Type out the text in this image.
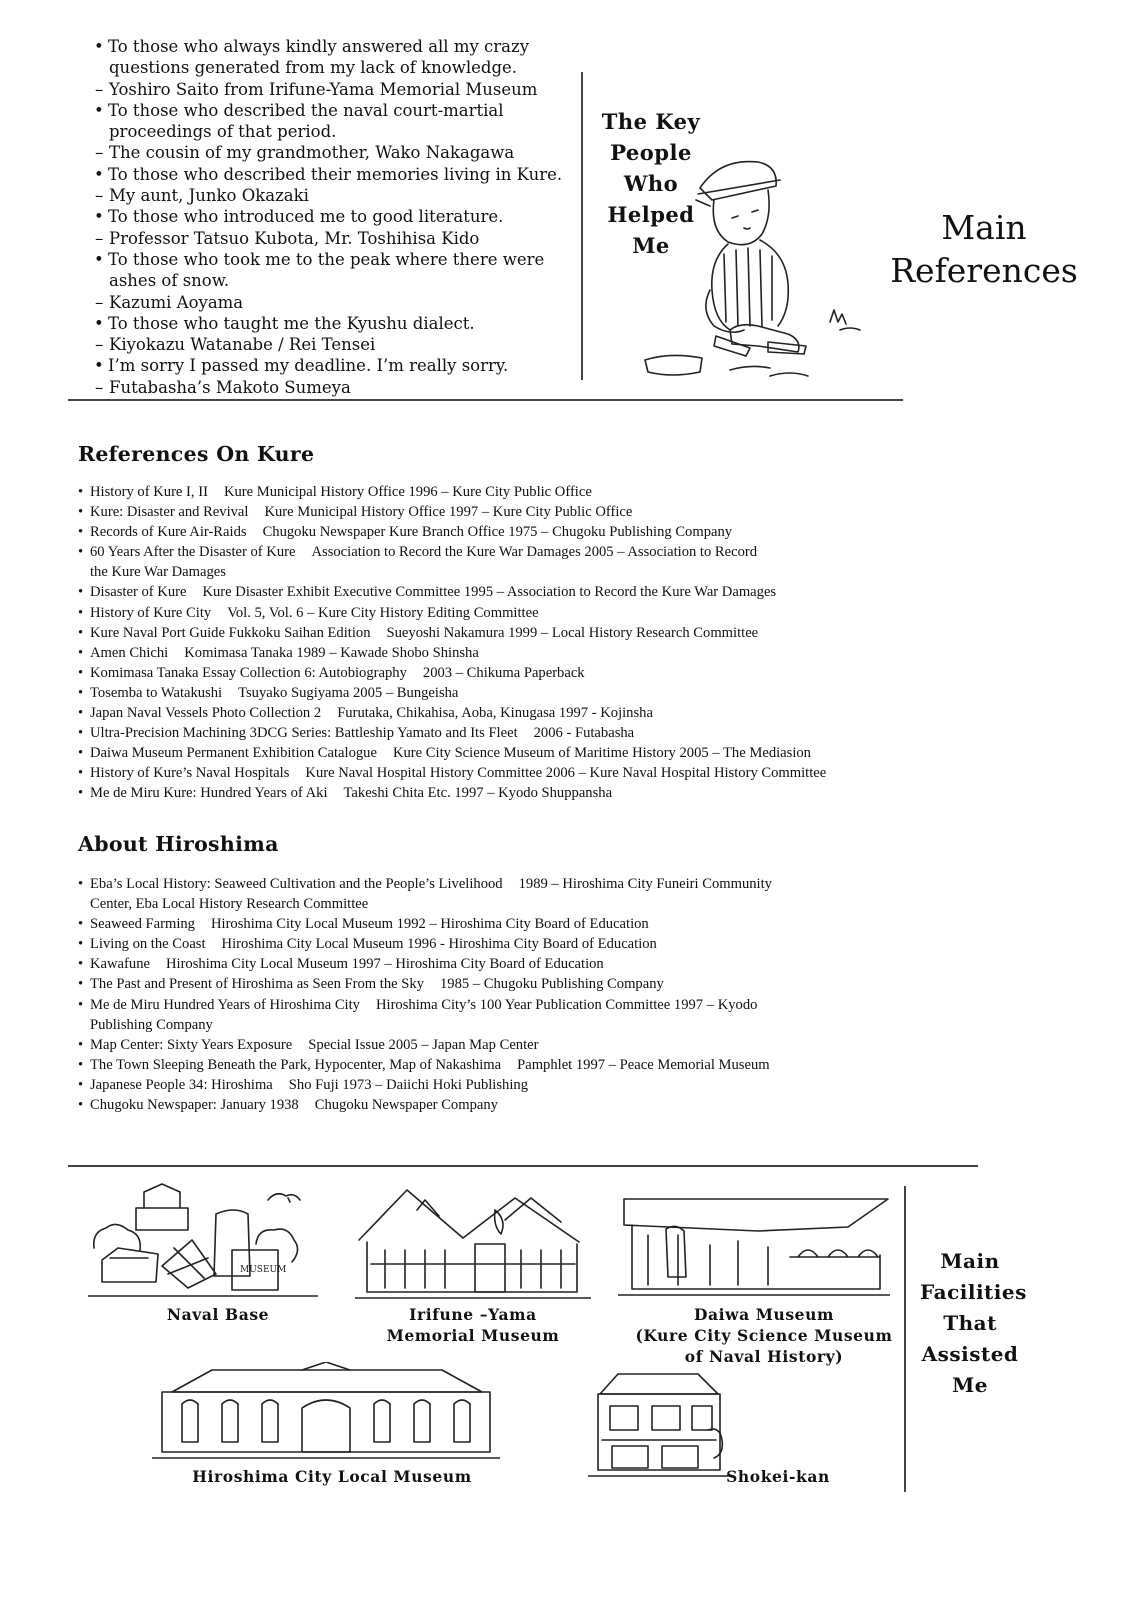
• To those who always kindly answered all my crazy
questions generated from my lack of knowledge.
– Yoshiro Saito from Irifune-Yama Memorial Museum
• To those who described the naval court-martial
proceedings of that period.
– The cousin of my grandmother, Wako Nakagawa
• To those who described their memories living in Kure.
– My aunt, Junko Okazaki
• To those who introduced me to good literature.
– Professor Tatsuo Kubota, Mr. Toshihisa Kido
• To those who took me to the peak where there were
ashes of snow.
– Kazumi Aoyama
• To those who taught me the Kyushu dialect.
– Kiyokazu Watanabe / Rei Tensei
• I’m sorry I passed my deadline. I’m really sorry.
– Futabasha’s Makoto Sumeya
The Key
People
Who
Helped
Me	Main
References
References On Kure
• History of Kure I, II Kure Municipal History Office 1996 – Kure City Public Office
• Kure: Disaster and Revival Kure Municipal History Office 1997 – Kure City Public Office
• Records of Kure Air-Raids Chugoku Newspaper Kure Branch Office 1975 – Chugoku Publishing Company
• 60 Years After the Disaster of Kure Association to Record the Kure War Damages 2005 – Association to Record
the Kure War Damages
• Disaster of Kure Kure Disaster Exhibit Executive Committee 1995 – Association to Record the Kure War Damages
• History of Kure City Vol. 5, Vol. 6 – Kure City History Editing Committee
• Kure Naval Port Guide Fukkoku Saihan Edition Sueyoshi Nakamura 1999 – Local History Research Committee
• Amen Chichi Komimasa Tanaka 1989 – Kawade Shobo Shinsha
• Komimasa Tanaka Essay Collection 6: Autobiography 2003 – Chikuma Paperback
• Tosemba to Watakushi Tsuyako Sugiyama 2005 – Bungeisha
• Japan Naval Vessels Photo Collection 2 Furutaka, Chikahisa, Aoba, Kinugasa 1997 - Kojinsha
• Ultra-Precision Machining 3DCG Series: Battleship Yamato and Its Fleet 2006 - Futabasha
• Daiwa Museum Permanent Exhibition Catalogue Kure City Science Museum of Maritime History 2005 – The Mediasion
• History of Kure’s Naval Hospitals Kure Naval Hospital History Committee 2006 – Kure Naval Hospital History Committee
• Me de Miru Kure: Hundred Years of Aki Takeshi Chita Etc. 1997 – Kyodo Shuppansha
About Hiroshima
• Eba’s Local History: Seaweed Cultivation and the People’s Livelihood 1989 – Hiroshima City Funeiri Community
Center, Eba Local History Research Committee
• Seaweed Farming Hiroshima City Local Museum 1992 – Hiroshima City Board of Education
• Living on the Coast Hiroshima City Local Museum 1996 - Hiroshima City Board of Education
• Kawafune Hiroshima City Local Museum 1997 – Hiroshima City Board of Education
• The Past and Present of Hiroshima as Seen From the Sky 1985 – Chugoku Publishing Company
• Me de Miru Hundred Years of Hiroshima City Hiroshima City’s 100 Year Publication Committee 1997 – Kyodo
Publishing Company
• Map Center: Sixty Years Exposure Special Issue 2005 – Japan Map Center
• The Town Sleeping Beneath the Park, Hypocenter, Map of Nakashima Pamphlet 1997 – Peace Memorial Museum
• Japanese People 34: Hiroshima Sho Fuji 1973 – Daiichi Hoki Publishing
• Chugoku Newspaper: January 1938 Chugoku Newspaper Company
MUSEUM
Naval Base	Irifune –Yama
Memorial Museum
Daiwa Museum
(Kure City Science Museum
of Naval History)
Main
Facilities
That
Assisted
Me
Hiroshima City Local Museum	Shokei-kan
